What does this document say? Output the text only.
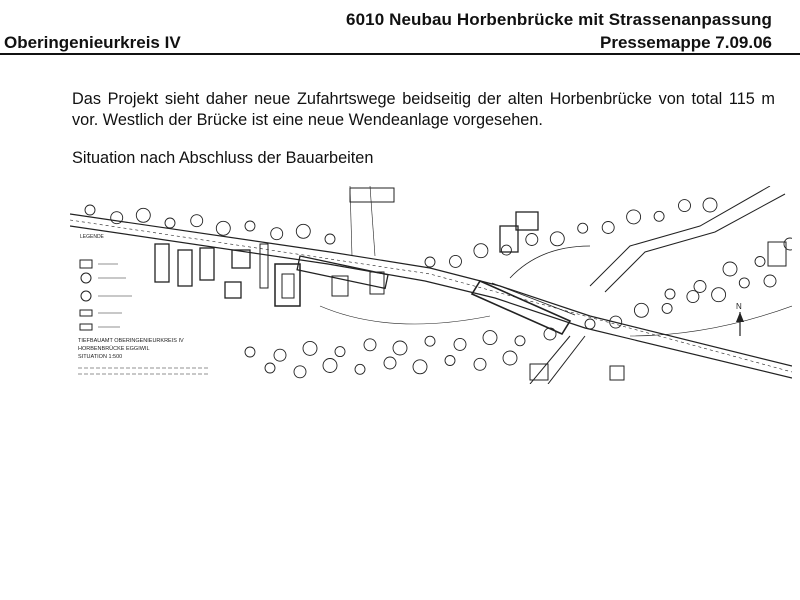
6010 Neubau Horbenbrücke mit Strassenanpassung
Oberingenieurkreis IV	Pressemappe 7.09.06
Das Projekt sieht daher neue Zufahrtswege beidseitig der alten Horbenbrücke von total 115 m vor. Westlich der Brücke ist eine neue Wendeanlage vorgesehen.
Situation nach Abschluss der Bauarbeiten
LEGENDE
TIEFBAUAMT OBERINGENIEURKREIS IV
HORBENBRÜCKE EGGIWIL
SITUATION 1:500
N
